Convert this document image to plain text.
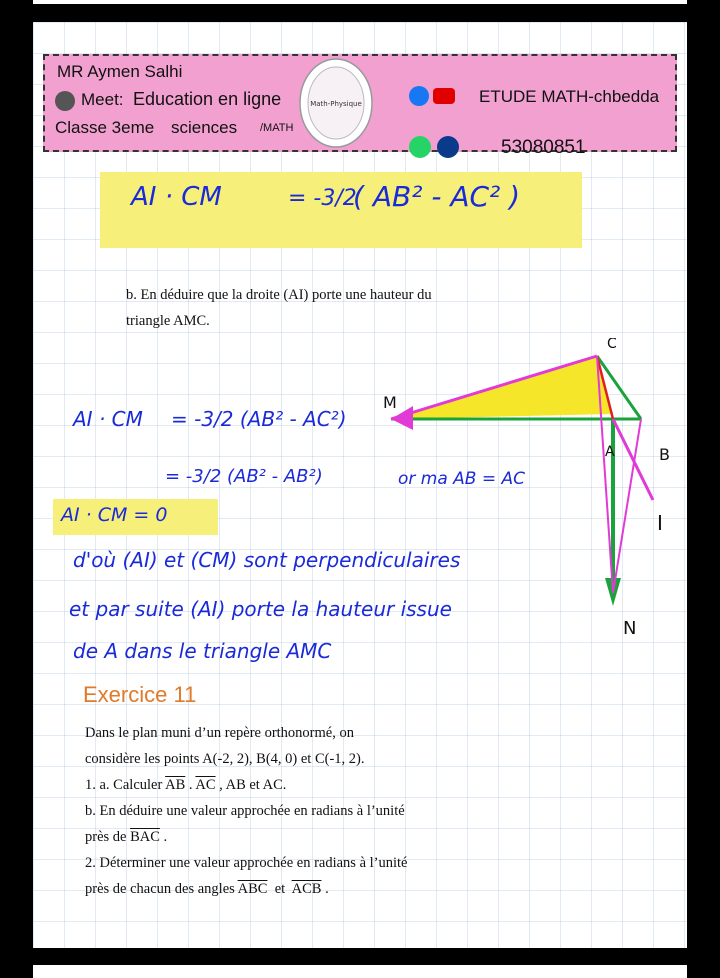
MR Aymen Salhi
Meet: Education en ligne
Classe 3eme sciences /MATH
Math-Physique	ETUDE MATH-chbedda
53080851
AI · CM	= -3/2
( AB² - AC² )
b. En déduire que la droite (AI) porte une hauteur du
triangle AMC.
C
M
A	B
I
N
AI · CM = -3/2 (AB² - AC²)
= -3/2 (AB² - AB²)	or ma AB = AC
AI · CM = 0
d'où (AI) et (CM) sont perpendiculaires
et par suite (AI) porte la hauteur issue
de A dans le triangle AMC
Exercice 11
Dans le plan muni d’un repère orthonormé, on
considère les points A(-2, 2), B(4, 0) et C(-1, 2).
1. a. Calculer $\overline{AB}$ . $\overline{AC}$ , AB et AC.
b. En déduire une valeur approchée en radians à l’unité
près de $\overline{BAC}$ .
2. Déterminer une valeur approchée en radians à l’unité
près de chacun des angles $\overline{ABC}$  et  $\overline{ACB}$ .
